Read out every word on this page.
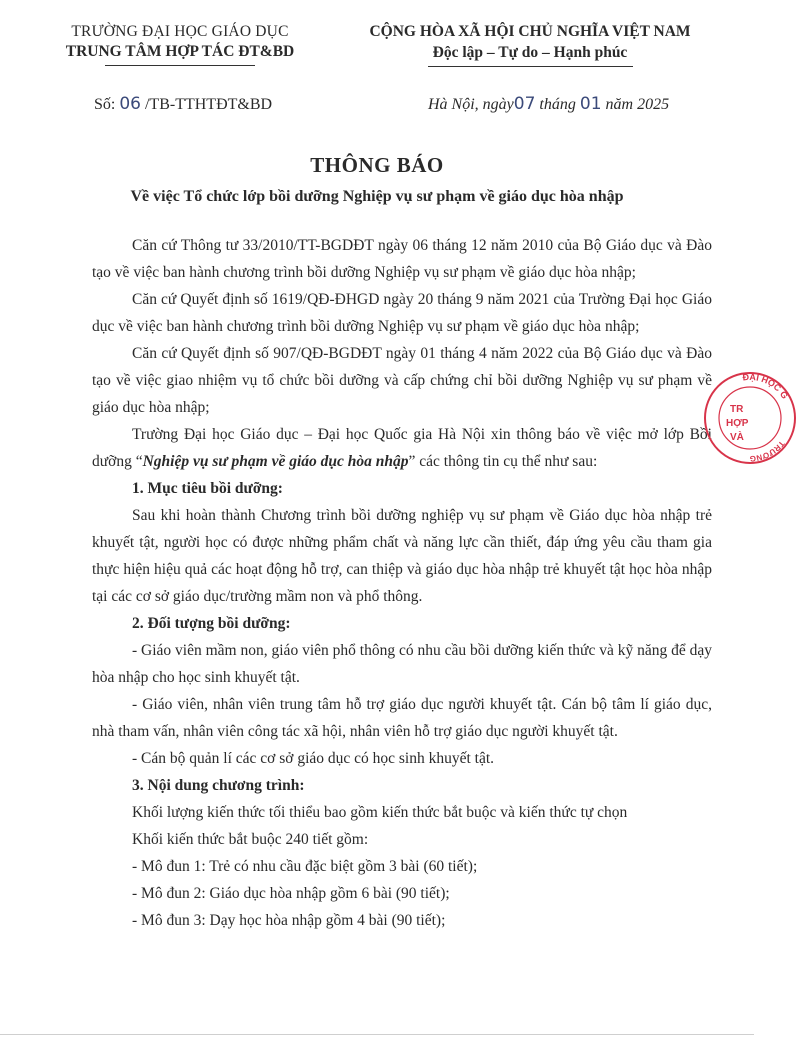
TRƯỜNG ĐẠI HỌC GIÁO DỤC
TRUNG TÂM HỢP TÁC ĐT&BD
CỘNG HÒA XÃ HỘI CHỦ NGHĨA VIỆT NAM
Độc lập – Tự do – Hạnh phúc
Số: 06 /TB-TTHTĐT&BD	Hà Nội, ngày07 tháng 01 năm 2025
THÔNG BÁO
Về việc Tổ chức lớp bồi dưỡng Nghiệp vụ sư phạm về giáo dục hòa nhập

Căn cứ Thông tư 33/2010/TT-BGDĐT ngày 06 tháng 12 năm 2010 của Bộ Giáo dục và Đào tạo về việc ban hành chương trình bồi dưỡng Nghiệp vụ sư phạm về giáo dục hòa nhập;

Căn cứ Quyết định số 1619/QĐ-ĐHGD ngày 20 tháng 9 năm 2021 của Trường Đại học Giáo dục về việc ban hành chương trình bồi dưỡng Nghiệp vụ sư phạm về giáo dục hòa nhập;

Căn cứ Quyết định số 907/QĐ-BGDĐT ngày 01 tháng 4 năm 2022 của Bộ Giáo dục và Đào tạo về việc giao nhiệm vụ tổ chức bồi dưỡng và cấp chứng chỉ bồi dưỡng Nghiệp vụ sư phạm về giáo dục hòa nhập;

Trường Đại học Giáo dục – Đại học Quốc gia Hà Nội xin thông báo về việc mở lớp Bồi dưỡng “Nghiệp vụ sư phạm về giáo dục hòa nhập” các thông tin cụ thể như sau:

1. Mục tiêu bồi dưỡng:

Sau khi hoàn thành Chương trình bồi dưỡng nghiệp vụ sư phạm về Giáo dục hòa nhập trẻ khuyết tật, người học có được những phẩm chất và năng lực cần thiết, đáp ứng yêu cầu tham gia thực hiện hiệu quả các hoạt động hỗ trợ, can thiệp và giáo dục hòa nhập trẻ khuyết tật học hòa nhập tại các cơ sở giáo dục/trường mầm non và phổ thông.

2. Đối tượng bồi dưỡng:

- Giáo viên mầm non, giáo viên phổ thông có nhu cầu bồi dưỡng kiến thức và kỹ năng để dạy hòa nhập cho học sinh khuyết tật.

- Giáo viên, nhân viên trung tâm hỗ trợ giáo dục người khuyết tật. Cán bộ tâm lí giáo dục, nhà tham vấn, nhân viên công tác xã hội, nhân viên hỗ trợ giáo dục người khuyết tật.

- Cán bộ quản lí các cơ sở giáo dục có học sinh khuyết tật.

3. Nội dung chương trình:

Khối lượng kiến thức tối thiểu bao gồm kiến thức bắt buộc và kiến thức tự chọn

Khối kiến thức bắt buộc 240 tiết gồm:

- Mô đun 1: Trẻ có nhu cầu đặc biệt gồm 3 bài (60 tiết);

- Mô đun 2: Giáo dục hòa nhập gồm 6 bài (90 tiết);

- Mô đun 3: Dạy học hòa nhập gồm 4 bài (90 tiết);

ĐẠI HỌC G
TRƯỜNG
TR
HỢP
VÀ
